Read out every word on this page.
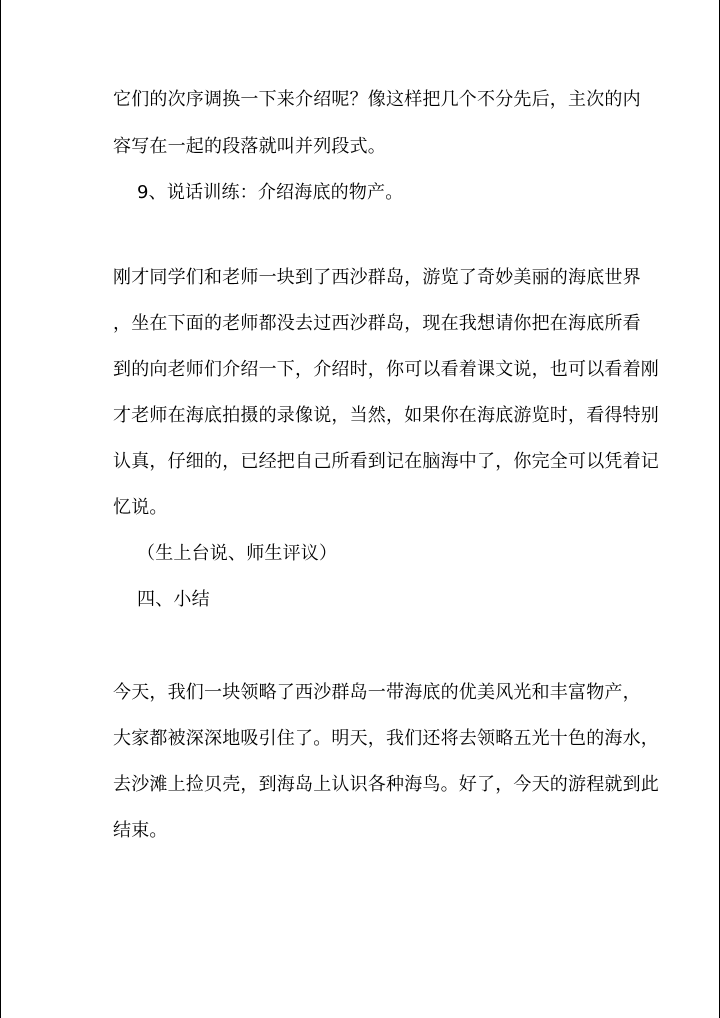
它们的次序调换一下来介绍呢？像这样把几个不分先后，主次的内
容写在一起的段落就叫并列段式。
9、说话训练：介绍海底的物产。
刚才同学们和老师一块到了西沙群岛，游览了奇妙美丽的海底世界
，坐在下面的老师都没去过西沙群岛，现在我想请你把在海底所看
到的向老师们介绍一下，介绍时，你可以看着课文说，也可以看着刚
才老师在海底拍摄的录像说，当然，如果你在海底游览时，看得特别
认真，仔细的，已经把自己所看到记在脑海中了，你完全可以凭着记
忆说。
（生上台说、师生评议）
四、小结
今天，我们一块领略了西沙群岛一带海底的优美风光和丰富物产，
大家都被深深地吸引住了。明天，我们还将去领略五光十色的海水，
去沙滩上捡贝壳，到海岛上认识各种海鸟。好了，今天的游程就到此
结束。
